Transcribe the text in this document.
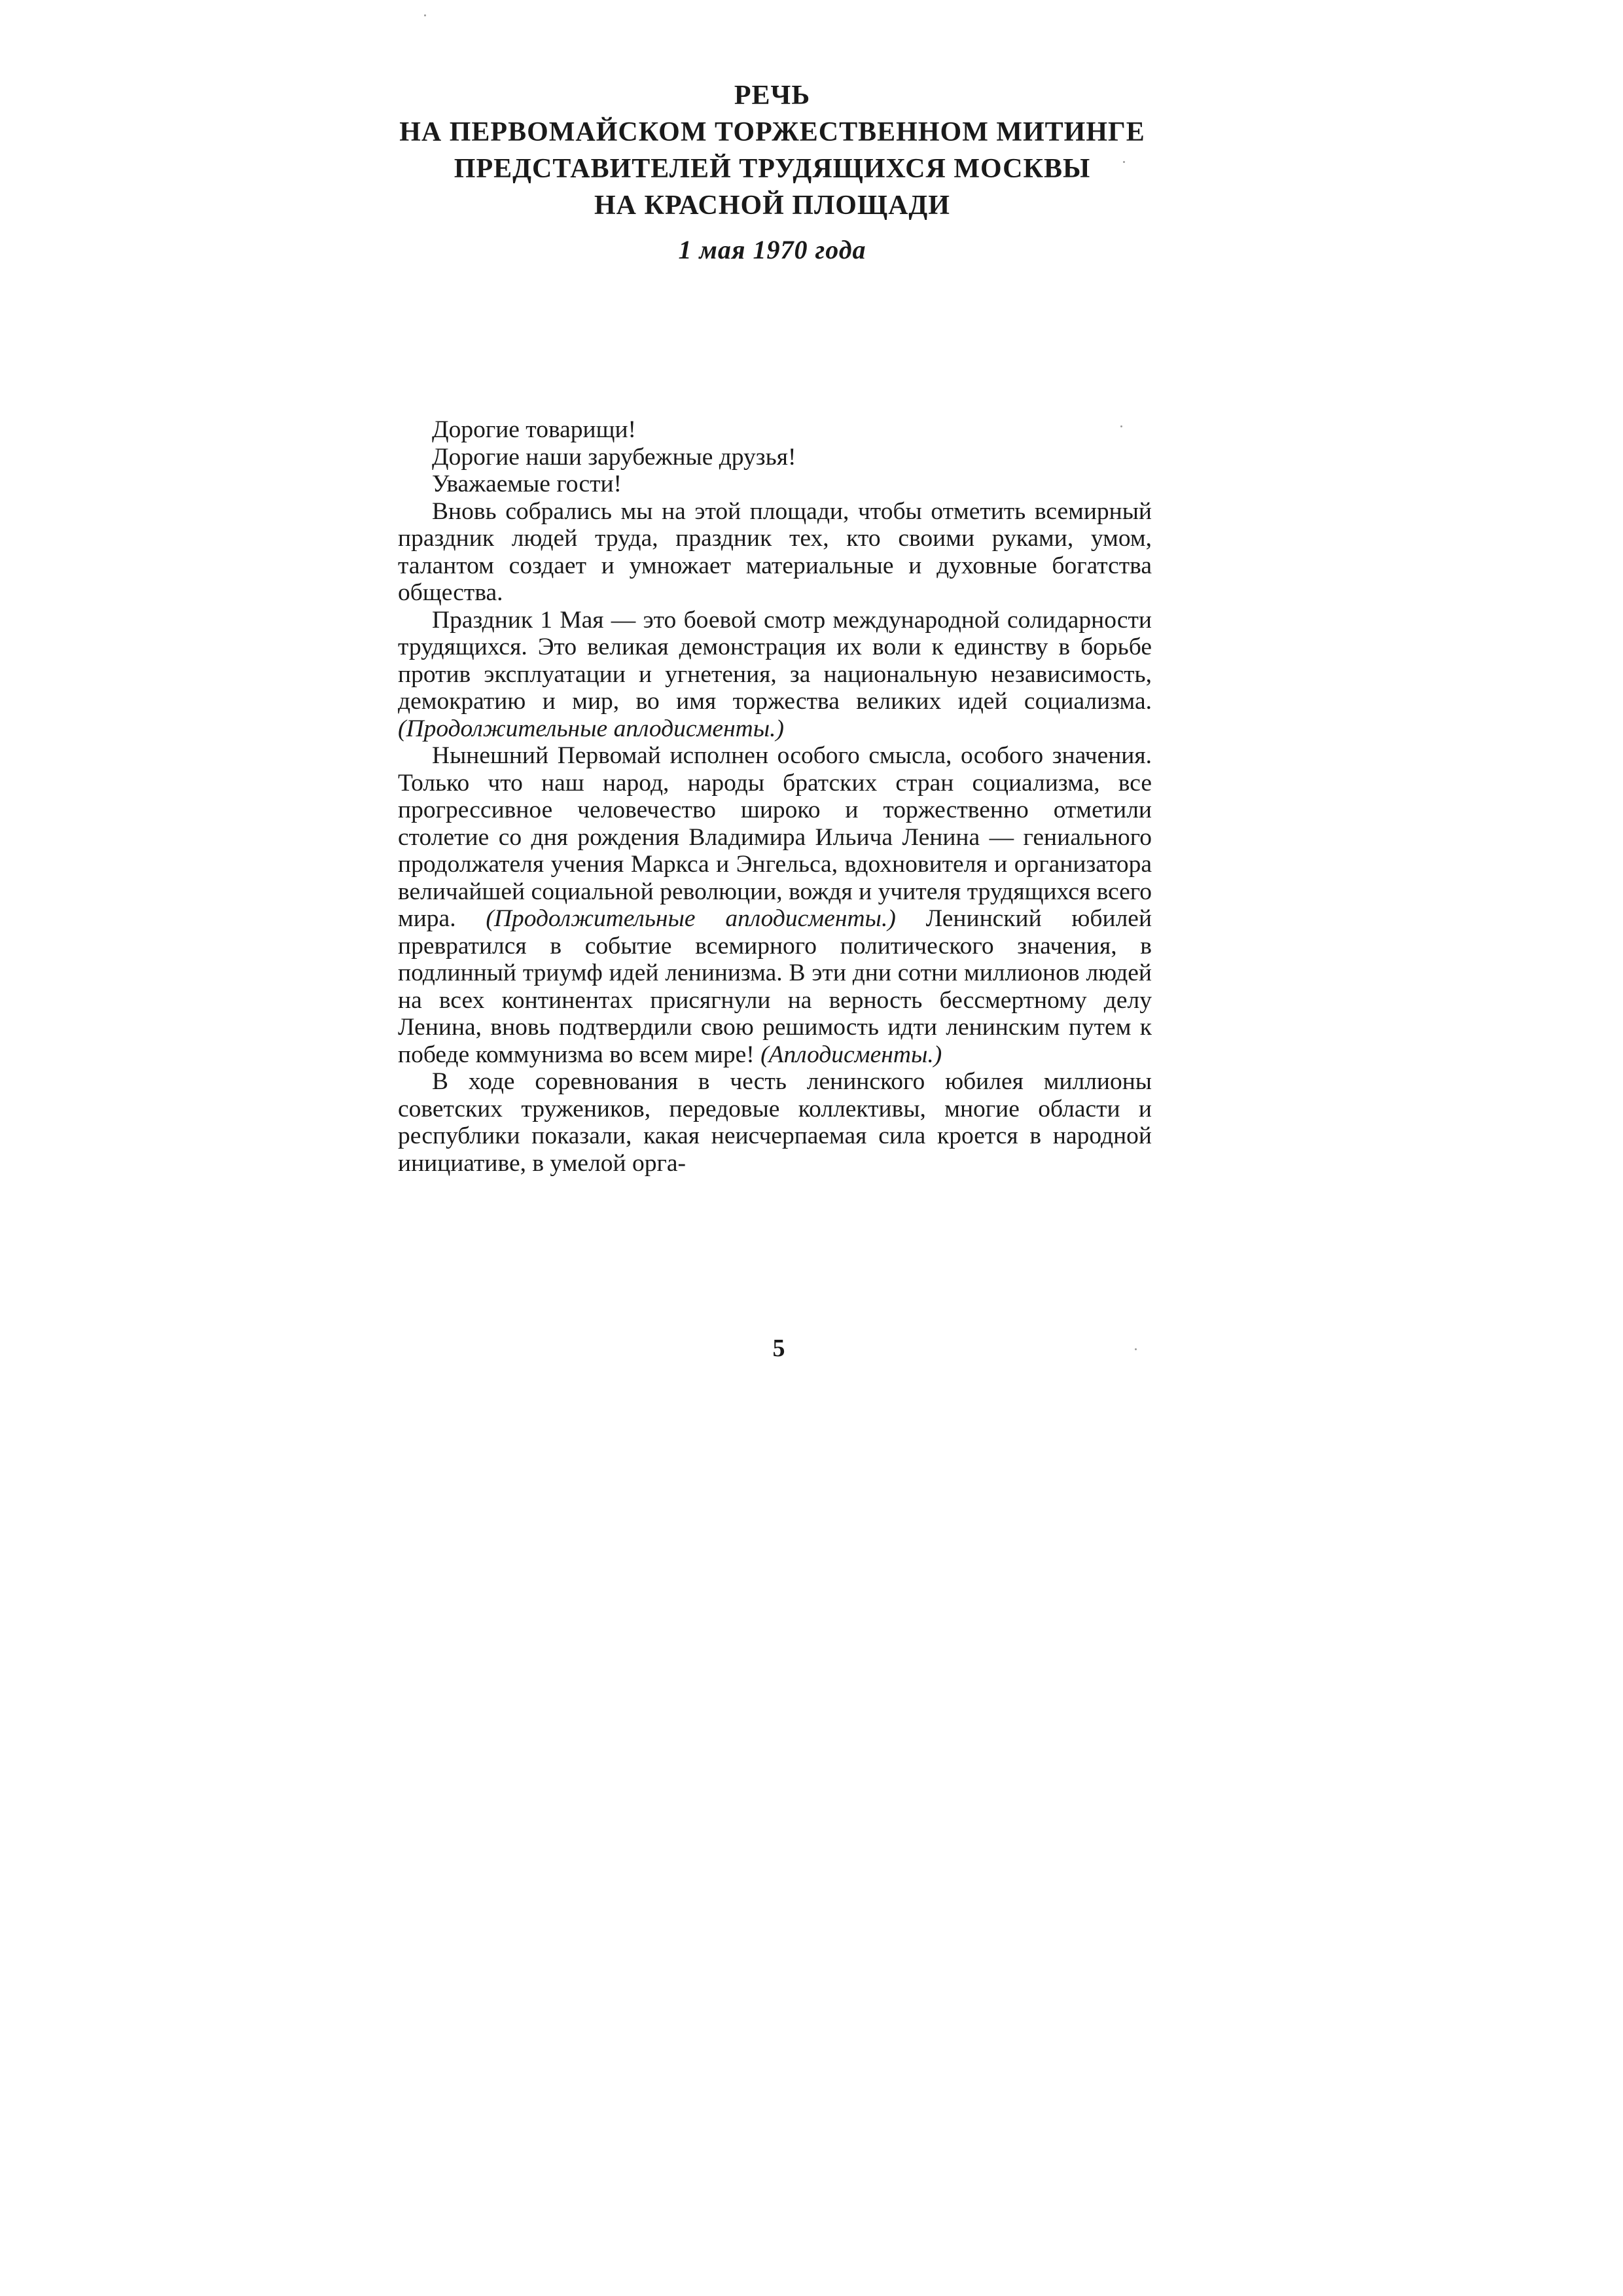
РЕЧЬ
НА ПЕРВОМАЙСКОМ ТОРЖЕСТВЕННОМ МИТИНГЕ
ПРЕДСТАВИТЕЛЕЙ ТРУДЯЩИХСЯ МОСКВЫ
НА КРАСНОЙ ПЛОЩАДИ
1 мая 1970 года

Дорогие товарищи!

Дорогие наши зарубежные друзья!

Уважаемые гости!

Вновь собрались мы на этой площади, чтобы отметить всемирный праздник людей труда, праздник тех, кто своими руками, умом, талантом создает и умножает материальные и духовные богатства общества.

Праздник 1 Мая — это боевой смотр международной солидарности трудящихся. Это великая демонстрация их воли к единству в борьбе против эксплуатации и угнетения, за национальную независимость, демократию и мир, во имя торжества великих идей социализма. (Продолжительные аплодисменты.)

Нынешний Первомай исполнен особого смысла, особого значения. Только что наш народ, народы братских стран социализма, все прогрессивное человечество широко и торжественно отметили столетие со дня рождения Владимира Ильича Ленина — гениального продолжателя учения Маркса и Энгельса, вдохновителя и организатора величайшей социальной революции, вождя и учителя трудящихся всего мира. (Продолжительные аплодисменты.) Ленинский юбилей превратился в событие всемирного политического значения, в подлинный триумф идей ленинизма. В эти дни сотни миллионов людей на всех континентах присягнули на верность бессмертному делу Ленина, вновь подтвердили свою решимость идти ленинским путем к победе коммунизма во всем мире! (Аплодисменты.)

В ходе соревнования в честь ленинского юбилея миллионы советских тружеников, передовые коллективы, многие области и республики показали, какая неисчерпаемая сила кроется в народной инициативе, в умелой орга-

5
